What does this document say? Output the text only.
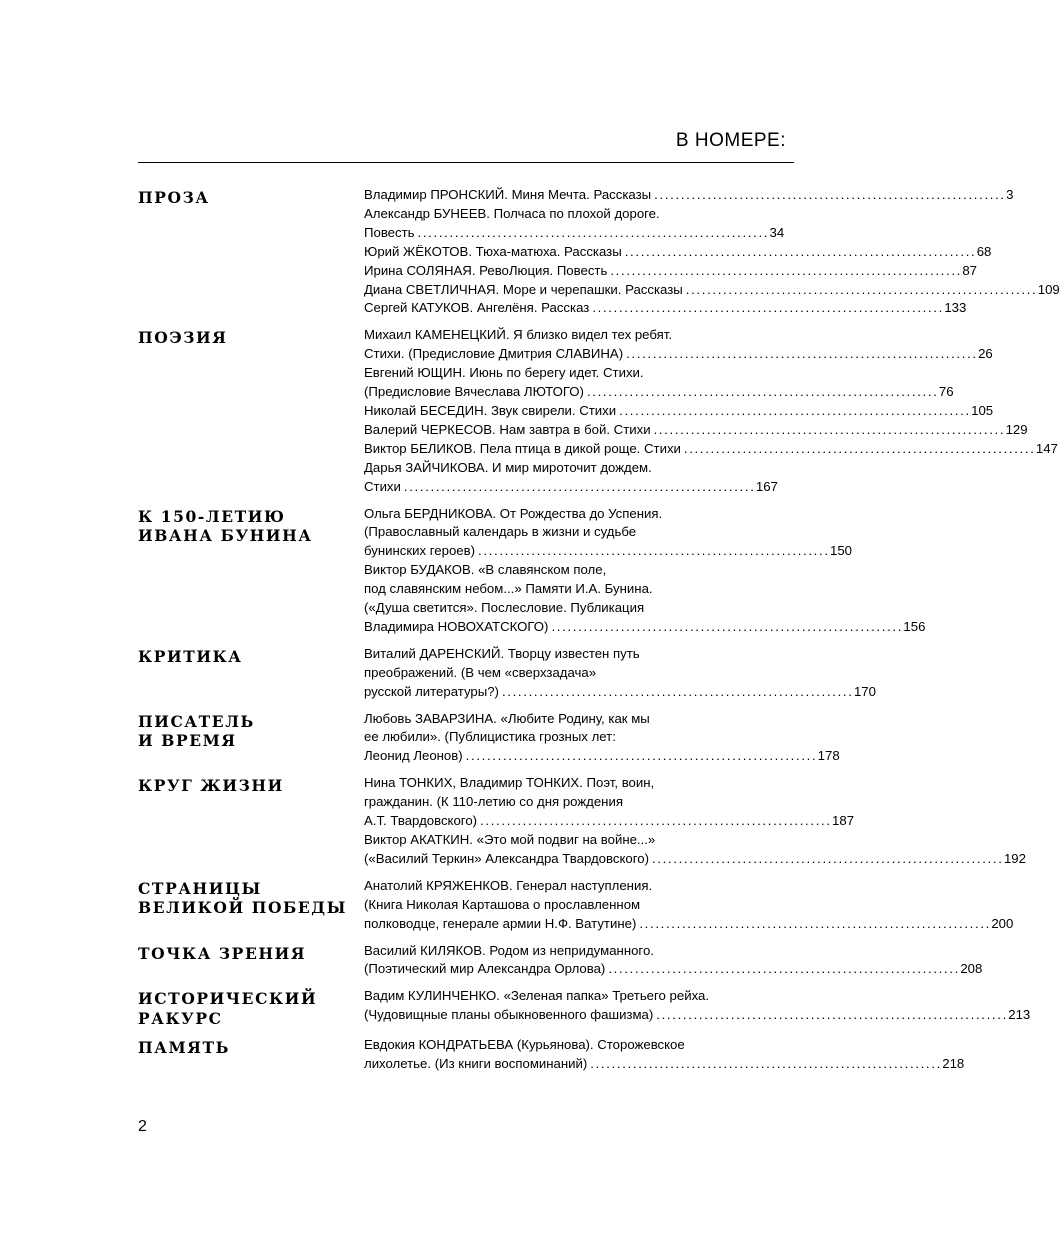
В НОМЕРЕ:
ПРОЗА	Владимир ПРОНСКИЙ. Миня Мечта. Рассказы . . .	3
Александр БУНЕЕВ. Полчаса по плохой дороге.
Повесть . . .	34
Юрий ЖЁКОТОВ. Тюха-матюха. Рассказы . . .	68
Ирина СОЛЯНАЯ. РевоЛюция. Повесть . . .	87
Диана СВЕТЛИЧНАЯ. Море и черепашки. Рассказы . . .	109
Сергей КАТУКОВ. Ангелёня. Рассказ . . .	133
ПОЭЗИЯ	Михаил КАМЕНЕЦКИЙ. Я близко видел тех ребят.
Стихи. (Предисловие Дмитрия СЛАВИНА) . . .	26
Евгений ЮЩИН. Июнь по берегу идет. Стихи.
(Предисловие Вячеслава ЛЮТОГО) . . .	76
Николай БЕСЕДИН. Звук свирели. Стихи . . .	105
Валерий ЧЕРКЕСОВ. Нам завтра в бой. Стихи . . .	129
Виктор БЕЛИКОВ. Пела птица в дикой роще. Стихи . . .	147
Дарья ЗАЙЧИКОВА. И мир мироточит дождем.
Стихи . . .	167
К 150-ЛЕТИЮ
ИВАНА БУНИНА
Ольга БЕРДНИКОВА. От Рождества до Успения.
(Православный календарь в жизни и судьбе
бунинских героев) . . .	150
Виктор БУДАКОВ. «В славянском поле,
под славянским небом...» Памяти И.А. Бунина.
(«Душа светится». Послесловие. Публикация
Владимира НОВОХАТСКОГО) . . .	156
КРИТИКА	Виталий ДАРЕНСКИЙ. Творцу известен путь
преображений. (В чем «сверхзадача»
русской литературы?) . . .	170
ПИСАТЕЛЬ
И ВРЕМЯ
Любовь ЗАВАРЗИНА. «Любите Родину, как мы
ее любили». (Публицистика грозных лет:
Леонид Леонов) . . .	178
КРУГ ЖИЗНИ	Нина ТОНКИХ, Владимир ТОНКИХ. Поэт, воин,
гражданин. (К 110-летию со дня рождения
А.Т. Твардовского) . . .	187
Виктор АКАТКИН. «Это мой подвиг на войне...»
(«Василий Теркин» Александра Твардовского) . . .	192
СТРАНИЦЫ
ВЕЛИКОЙ ПОБЕДЫ
Анатолий КРЯЖЕНКОВ. Генерал наступления.
(Книга Николая Карташова о прославленном
полководце, генерале армии Н.Ф. Ватутине) . . .	200
ТОЧКА ЗРЕНИЯ	Василий КИЛЯКОВ. Родом из непридуманного.
(Поэтический мир Александра Орлова) . . .	208
ИСТОРИЧЕСКИЙ
РАКУРС
Вадим КУЛИНЧЕНКО. «Зеленая папка» Третьего рейха.
(Чудовищные планы обыкновенного фашизма) . . .	213
ПАМЯТЬ	Евдокия КОНДРАТЬЕВА (Курьянова). Сторожевское
лихолетье. (Из книги воспоминаний) . . .	218
2
